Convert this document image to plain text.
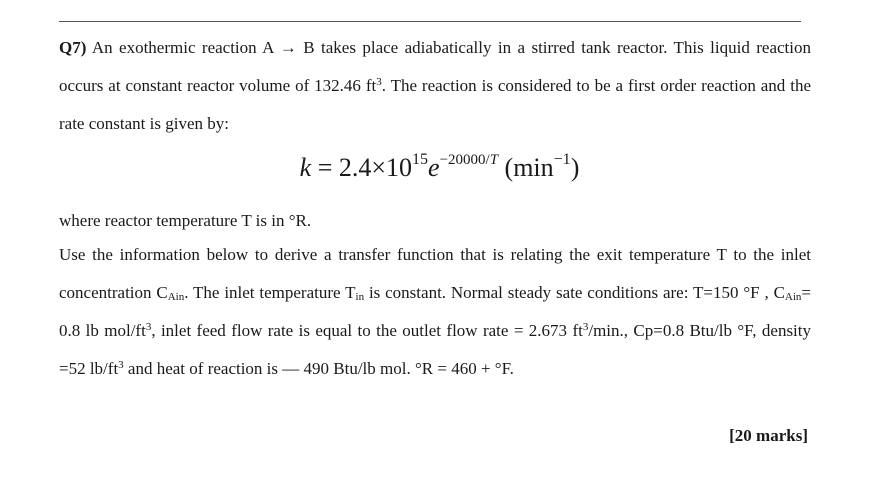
Q7) An exothermic reaction A → B takes place adiabatically in a stirred tank reactor. This liquid reaction occurs at constant reactor volume of 132.46 $ft^3$. The reaction is considered to be a first order reaction and the rate constant is given by:
$k = 2.4\times 10^{15}e^{-20000/T}$ $(\min^{-1})$
where reactor temperature T is in °R.
Use the information below to derive a transfer function that is relating the exit temperature T to the inlet concentration $C_{Ain}$. The inlet temperature $T_{in}$ is constant. Normal steady sate conditions are: T=150 °F , $C_{Ain}= 0.8$ lb mol/$ft^3$, inlet feed flow rate is equal to the outlet flow rate = 2.673 $ft^3/\min$., Cp=0.8 Btu/lb °F, density =52 $lb/ft^3$ and heat of reaction is — 490 Btu/lb mol. °R = 460 + °F.
[20 marks]
